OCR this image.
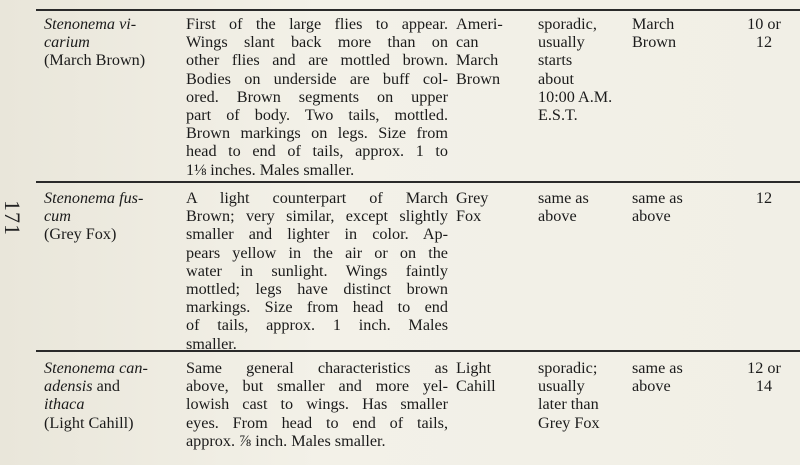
171
Stenonema vi-
carium
(March Brown)
First of the large flies to appear.
Wings slant back more than on
other flies and are mottled brown.
Bodies on underside are buff col-
ored. Brown segments on upper
part of body. Two tails, mottled.
Brown markings on legs. Size from
head to end of tails, approx. 1 to
1⅛ inches. Males smaller.
Ameri-
can
March
Brown
sporadic,
usually
starts
about
10:00 A.M.
E.S.T.
March
Brown
10 or
12
Stenonema fus-
cum
(Grey Fox)
A light counterpart of March
Brown; very similar, except slightly
smaller and lighter in color. Ap-
pears yellow in the air or on the
water in sunlight. Wings faintly
mottled; legs have distinct brown
markings. Size from head to end
of tails, approx. 1 inch. Males
smaller.
Grey
Fox
same as
above
same as
above
12
Stenonema can-
adensis and
ithaca
(Light Cahill)
Same general characteristics as
above, but smaller and more yel-
lowish cast to wings. Has smaller
eyes. From head to end of tails,
approx. ⅞ inch. Males smaller.
Light
Cahill
sporadic;
usually
later than
Grey Fox
same as
above
12 or
14
